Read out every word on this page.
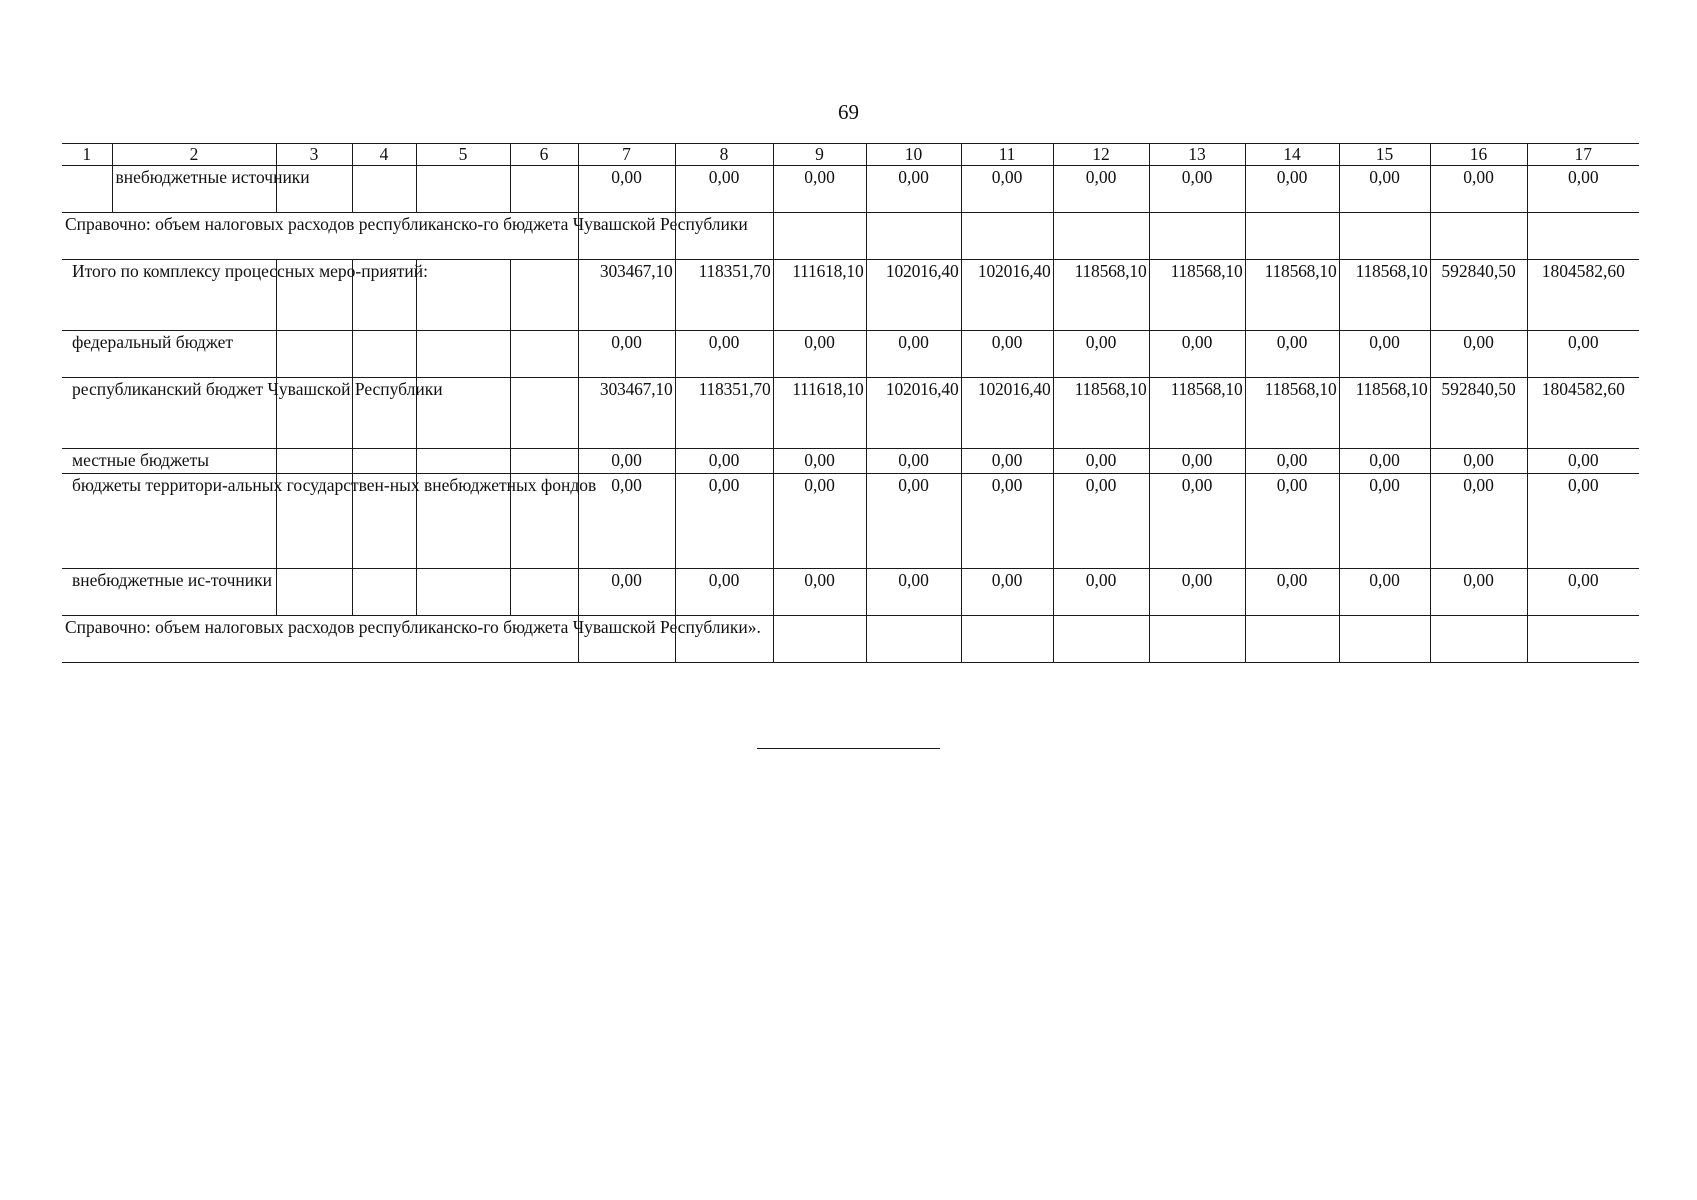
69
1	2	3	4	5	6	7	8	9	10	11	12	13	14	15	16	17
	внебюджетные источники					0,00	0,00	0,00	0,00	0,00	0,00	0,00	0,00	0,00	0,00	0,00
Справочно: объем налоговых расходов республиканско-го бюджета Чувашской Республики																
Итого по комплексу процессных меро-приятий:						303467,10	118351,70	111618,10	102016,40	102016,40	118568,10	118568,10	118568,10	118568,10	592840,50	1804582,60
федеральный бюджет						0,00	0,00	0,00	0,00	0,00	0,00	0,00	0,00	0,00	0,00	0,00
республиканский бюджет Чувашской Республики						303467,10	118351,70	111618,10	102016,40	102016,40	118568,10	118568,10	118568,10	118568,10	592840,50	1804582,60
местные бюджеты						0,00	0,00	0,00	0,00	0,00	0,00	0,00	0,00	0,00	0,00	0,00
бюджеты территори-альных государствен-ных внебюджетных фондов						0,00	0,00	0,00	0,00	0,00	0,00	0,00	0,00	0,00	0,00	0,00
внебюджетные ис-точники						0,00	0,00	0,00	0,00	0,00	0,00	0,00	0,00	0,00	0,00	0,00
Справочно: объем налоговых расходов республиканско-го бюджета Чувашской Республики».																
